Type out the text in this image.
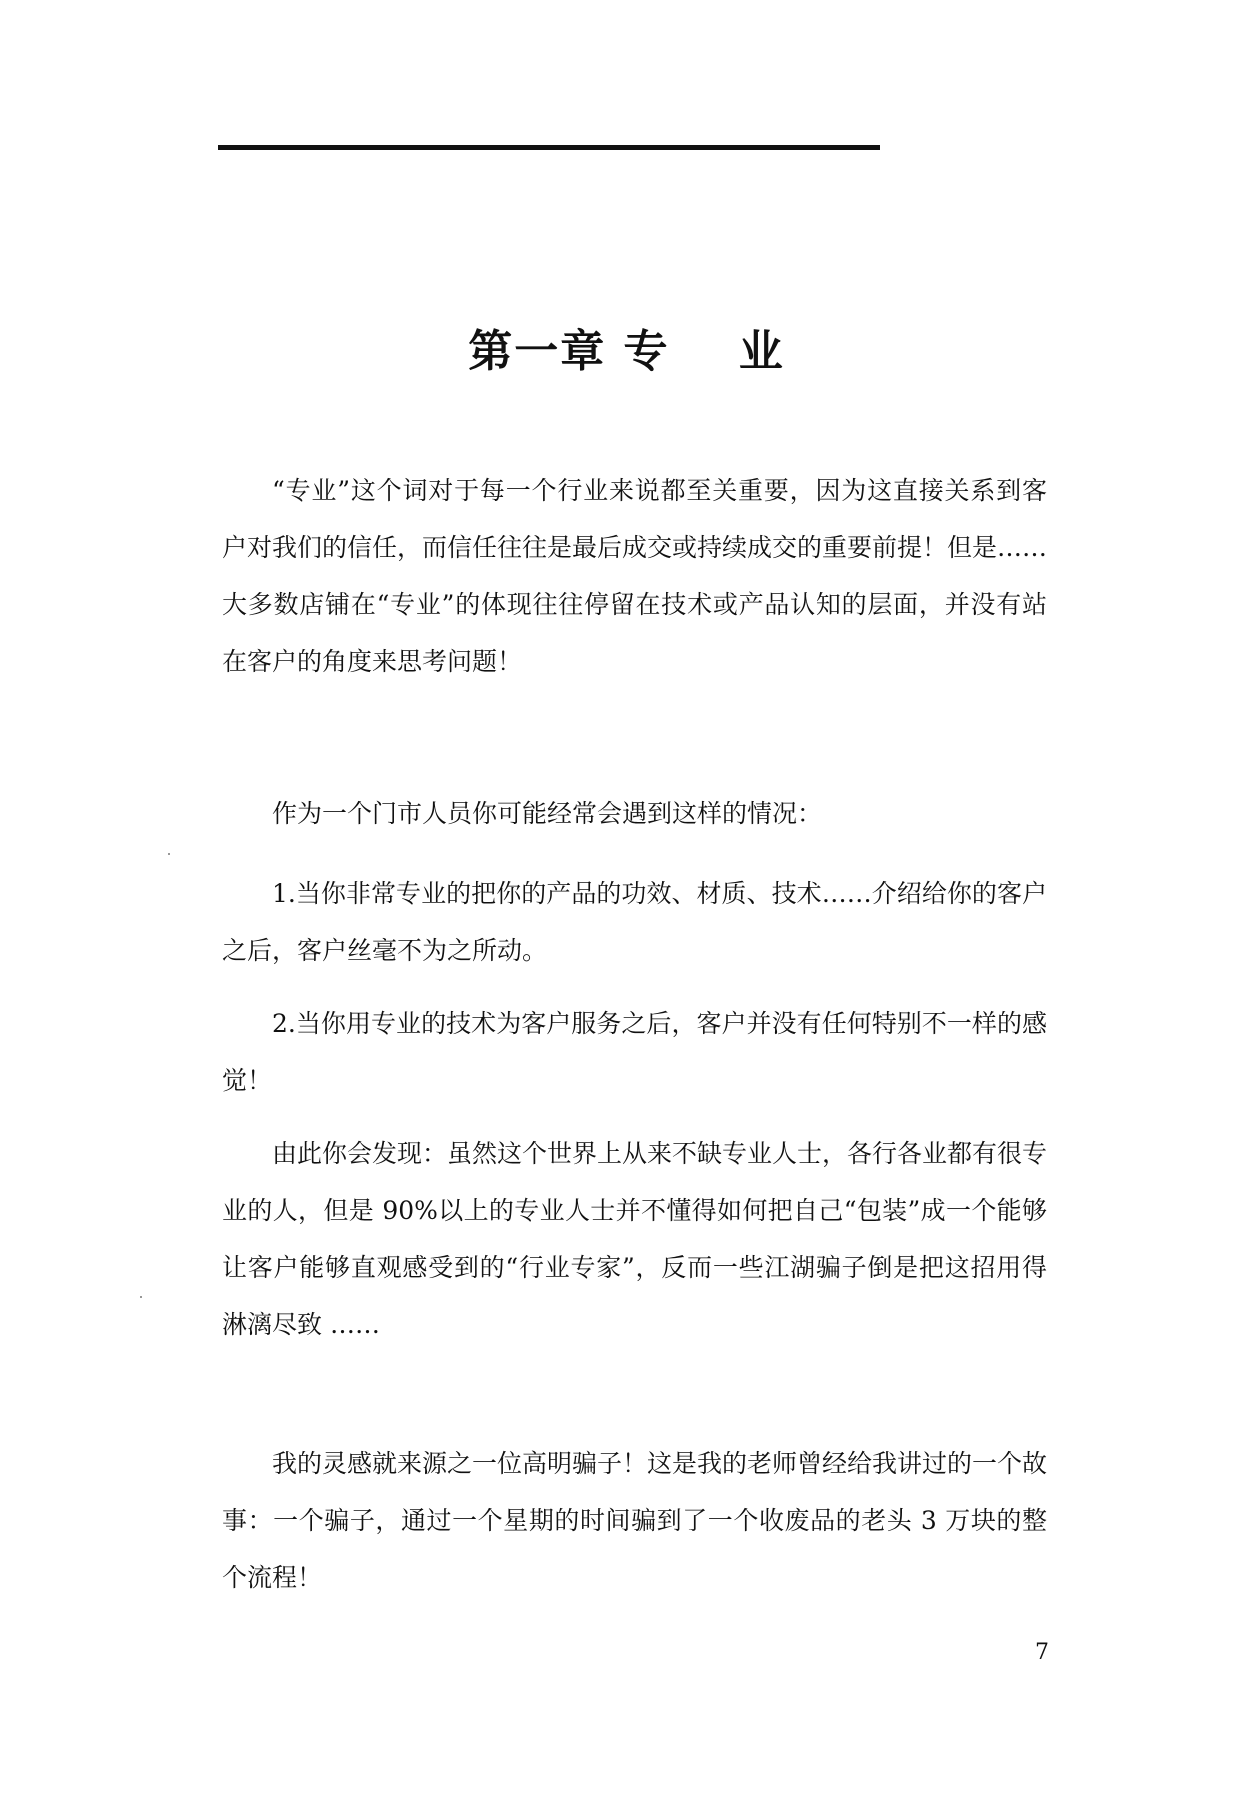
第一章 专    业

“专业”这个词对于每一个行业来说都至关重要，因为这直接关系到客户对我们的信任，而信任往往是最后成交或持续成交的重要前提！但是……大多数店铺在“专业”的体现往往停留在技术或产品认知的层面，并没有站在客户的角度来思考问题！

作为一个门市人员你可能经常会遇到这样的情况：

1.当你非常专业的把你的产品的功效、材质、技术……介绍给你的客户之后，客户丝毫不为之所动。

2.当你用专业的技术为客户服务之后，客户并没有任何特别不一样的感觉！

由此你会发现：虽然这个世界上从来不缺专业人士，各行各业都有很专业的人，但是 90%以上的专业人士并不懂得如何把自己“包装”成一个能够让客户能够直观感受到的“行业专家”，反而一些江湖骗子倒是把这招用得淋漓尽致 ……

我的灵感就来源之一位高明骗子！这是我的老师曾经给我讲过的一个故事：一个骗子，通过一个星期的时间骗到了一个收废品的老头 3 万块的整个流程！

7
